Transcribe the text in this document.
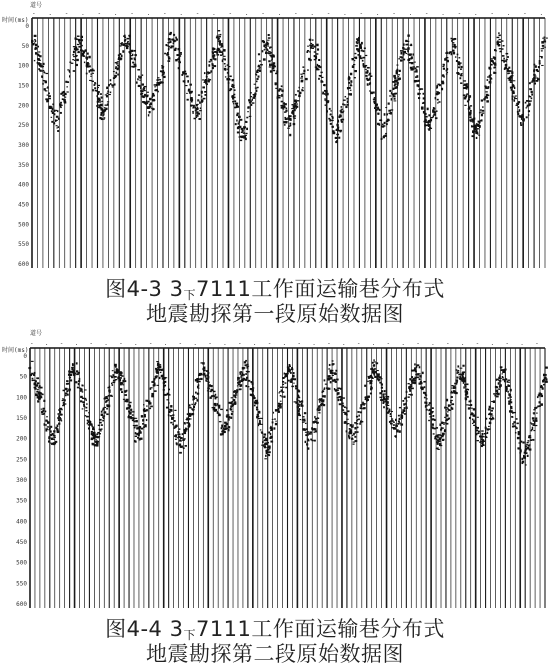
道号
时间(ms)
- . - . - . - . - . - . - . - . - . - . - . - . - . - . - . - .
0
50
100
150
200
250
300
350
400
450
500
550
600
图4-3 $3_下7111$工作面运输巷分布式
地震勘探第一段原始数据图
道号
时间(ms)
- . - . - . - . - . - . - . - . - . - . - . - . - . - . - . - . - . -
0
50
100
150
200
250
300
350
400
450
500
550
600
图4-4 $3_下7111$工作面运输巷分布式
地震勘探第二段原始数据图
